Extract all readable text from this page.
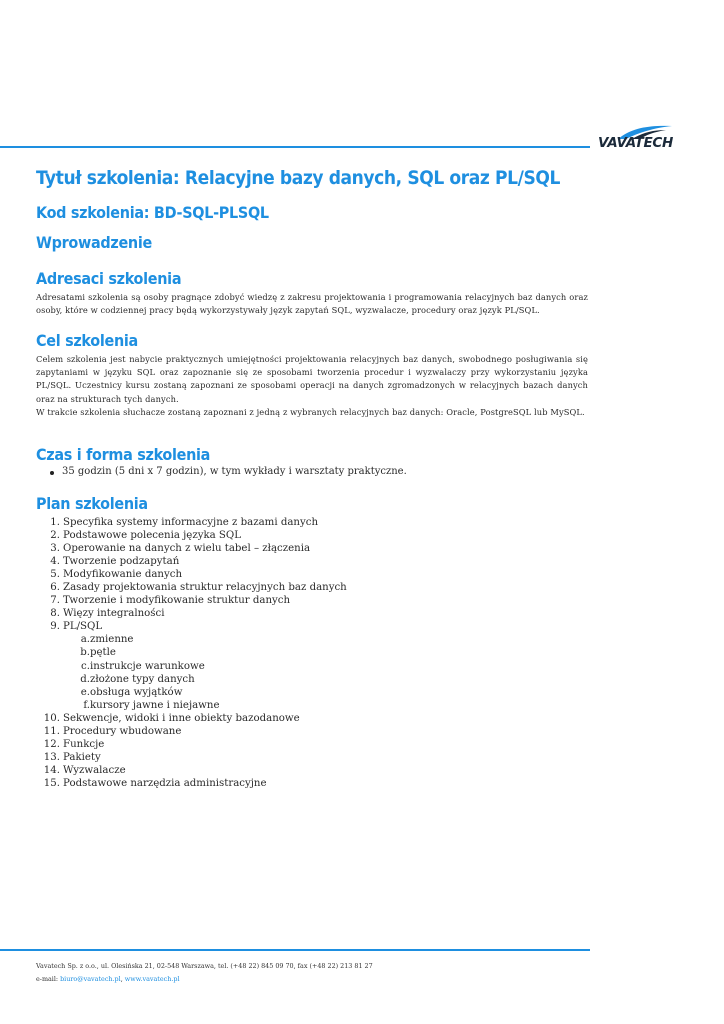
VAVATECH
Tytuł szkolenia: Relacyjne bazy danych, SQL oraz PL/SQL
Kod szkolenia: BD-SQL-PLSQL
Wprowadzenie
Adresaci szkolenia
Adresatami szkolenia są osoby pragnące zdobyć wiedzę z zakresu projektowania i programowania relacyjnych baz danych oraz osoby, które w codziennej pracy będą wykorzystywały język zapytań SQL, wyzwalacze, procedury oraz język PL/SQL.
Cel szkolenia
Celem szkolenia jest nabycie praktycznych umiejętności projektowania relacyjnych baz danych, swobodnego posługiwania się zapytaniami w języku SQL oraz zapoznanie się ze sposobami tworzenia procedur i wyzwalaczy przy wykorzystaniu języka PL/SQL. Uczestnicy kursu zostaną zapoznani ze sposobami operacji na danych zgromadzonych w relacyjnych bazach danych oraz na strukturach tych danych.
W trakcie szkolenia słuchacze zostaną zapoznani z jedną z wybranych relacyjnych baz danych: Oracle, PostgreSQL lub MySQL.
Czas i forma szkolenia
35 godzin (5 dni x 7 godzin), w tym wykłady i warsztaty praktyczne.
Plan szkolenia
1. Specyfika systemy informacyjne z bazami danych
2. Podstawowe polecenia języka SQL
3. Operowanie na danych z wielu tabel – złączenia
4. Tworzenie podzapytań
5. Modyfikowanie danych
6. Zasady projektowania struktur relacyjnych baz danych
7. Tworzenie i modyfikowanie struktur danych
8. Więzy integralności
9. PL/SQL
a. zmienne
b. pętle
c. instrukcje warunkowe
d. złożone typy danych
e. obsługa wyjątków
f. kursory jawne i niejawne
10. Sekwencje, widoki i inne obiekty bazodanowe
11. Procedury wbudowane
12. Funkcje
13. Pakiety
14. Wyzwalacze
15. Podstawowe narzędzia administracyjne
Vavatech Sp. z o.o., ul. Olesińska 21, 02-548 Warszawa, tel. (+48 22) 845 09 70, fax (+48 22) 213 81 27
e-mail: biuro@vavatech.pl, www.vavatech.pl
